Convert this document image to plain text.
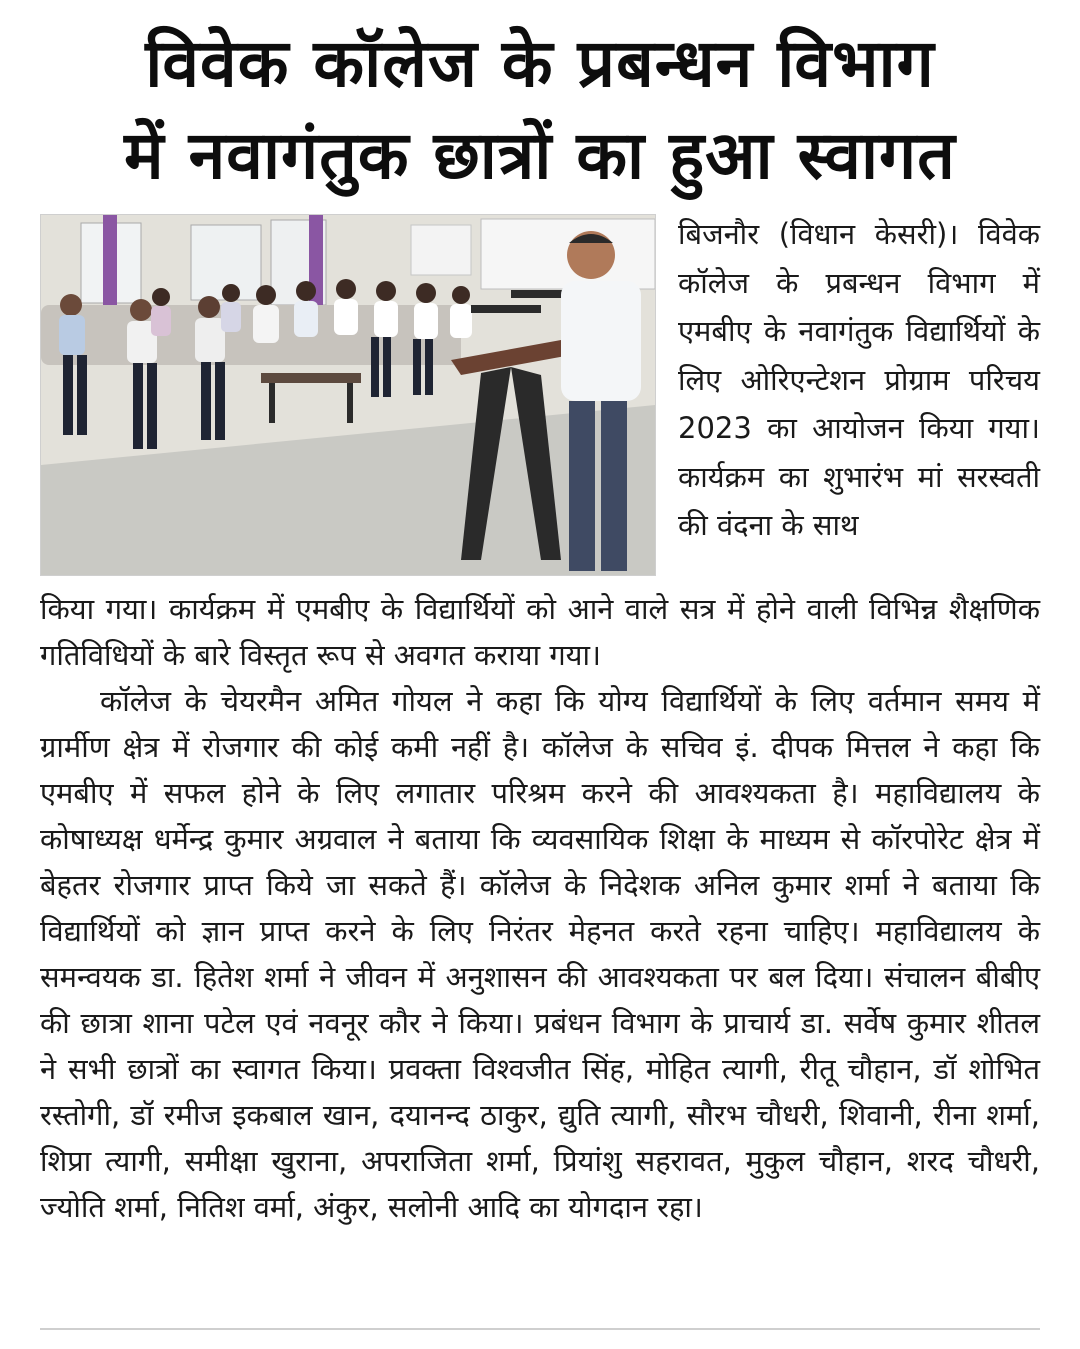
विवेक कॉलेज के प्रबन्धन विभाग
में नवागंतुक छात्रों का हुआ स्वागत
बिजनौर (विधान केसरी)। विवेक कॉलेज के प्रबन्धन विभाग में एमबीए के नवागंतुक विद्यार्थियों के लिए ओरिएन्टेशन प्रोग्राम परिचय 2023 का आयोजन किया गया। कार्यक्रम का शुभारंभ मां सरस्वती की वंदना के साथ
किया गया। कार्यक्रम में एमबीए के विद्यार्थियों को आने वाले सत्र में होने वाली विभिन्न शैक्षणिक गतिविधियों के बारे विस्तृत रूप से अवगत कराया गया।
कॉलेज के चेयरमैन अमित गोयल ने कहा कि योग्य विद्यार्थियों के लिए वर्तमान समय में ग्रार्मीण क्षेत्र में रोजगार की कोई कमी नहीं है। कॉलेज के सचिव इं. दीपक मित्तल ने कहा कि एमबीए में सफल होने के लिए लगातार परिश्रम करने की आवश्यकता है। महाविद्यालय के कोषाध्यक्ष धर्मेन्द्र कुमार अग्रवाल ने बताया कि व्यवसायिक शिक्षा के माध्यम से कॉरपोरेट क्षेत्र में बेहतर रोजगार प्राप्त किये जा सकते हैं। कॉलेज के निदेशक अनिल कुमार शर्मा ने बताया कि विद्यार्थियों को ज्ञान प्राप्त करने के लिए निरंतर मेहनत करते रहना चाहिए। महाविद्यालय के समन्वयक डा. हितेश शर्मा ने जीवन में अनुशासन की आवश्यकता पर बल दिया। संचालन बीबीए की छात्रा शाना पटेल एवं नवनूर कौर ने किया। प्रबंधन विभाग के प्राचार्य डा. सर्वेष कुमार शीतल ने सभी छात्रों का स्वागत किया। प्रवक्ता विश्वजीत सिंह, मोहित त्यागी, रीतू चौहान, डॉ शोभित रस्तोगी, डॉ रमीज इकबाल खान, दयानन्द ठाकुर, द्युति त्यागी, सौरभ चौधरी, शिवानी, रीना शर्मा, शिप्रा त्यागी, समीक्षा खुराना, अपराजिता शर्मा, प्रियांशु सहरावत, मुकुल चौहान, शरद चौधरी, ज्योति शर्मा, नितिश वर्मा, अंकुर, सलोनी आदि का योगदान रहा।
